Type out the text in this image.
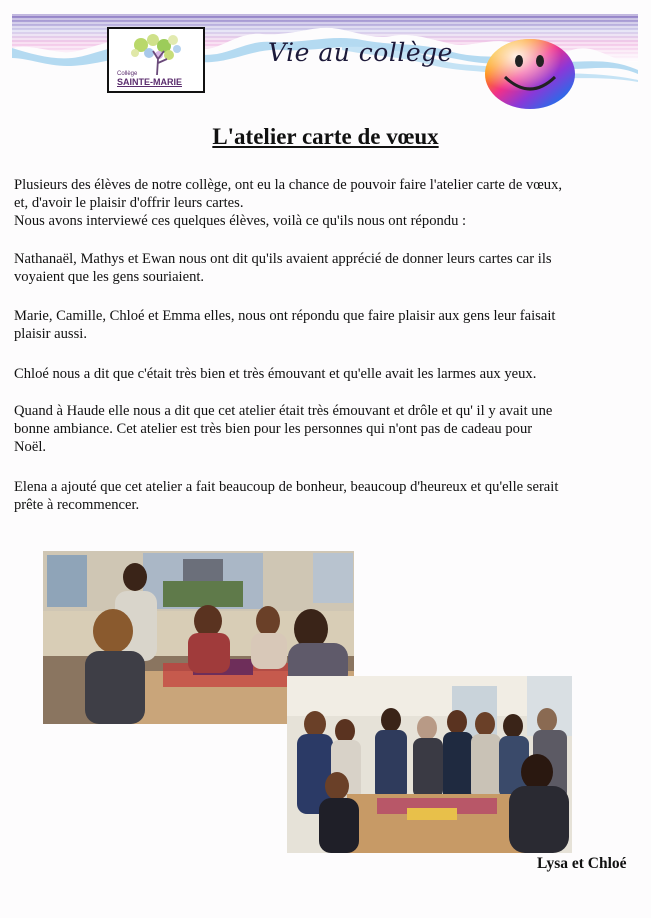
Vie au collège
Collège
SAINTE-MARIE
L'atelier carte de vœux

Plusieurs des élèves de notre collège, ont eu la chance de pouvoir faire l'atelier carte de vœux,
et, d'avoir le plaisir d'offrir leurs cartes.
Nous avons interviewé ces quelques élèves, voilà ce qu'ils nous ont répondu :

Nathanaël, Mathys et Ewan nous ont dit qu'ils avaient apprécié de donner leurs cartes car ils
voyaient que les gens souriaient.

Marie, Camille, Chloé et Emma elles, nous ont répondu que faire plaisir aux gens leur faisait
plaisir aussi.

Chloé nous a dit que c'était très bien et très émouvant et qu'elle avait les larmes aux yeux.

Quand à Haude elle nous a dit que cet atelier était très émouvant et drôle et qu' il y avait une
bonne ambiance. Cet atelier est très bien pour les personnes qui n'ont pas de cadeau pour
Noël.

Elena a ajouté que cet atelier a fait beaucoup de bonheur, beaucoup d'heureux et qu'elle serait
prête à recommencer.

Lysa et Chloé
